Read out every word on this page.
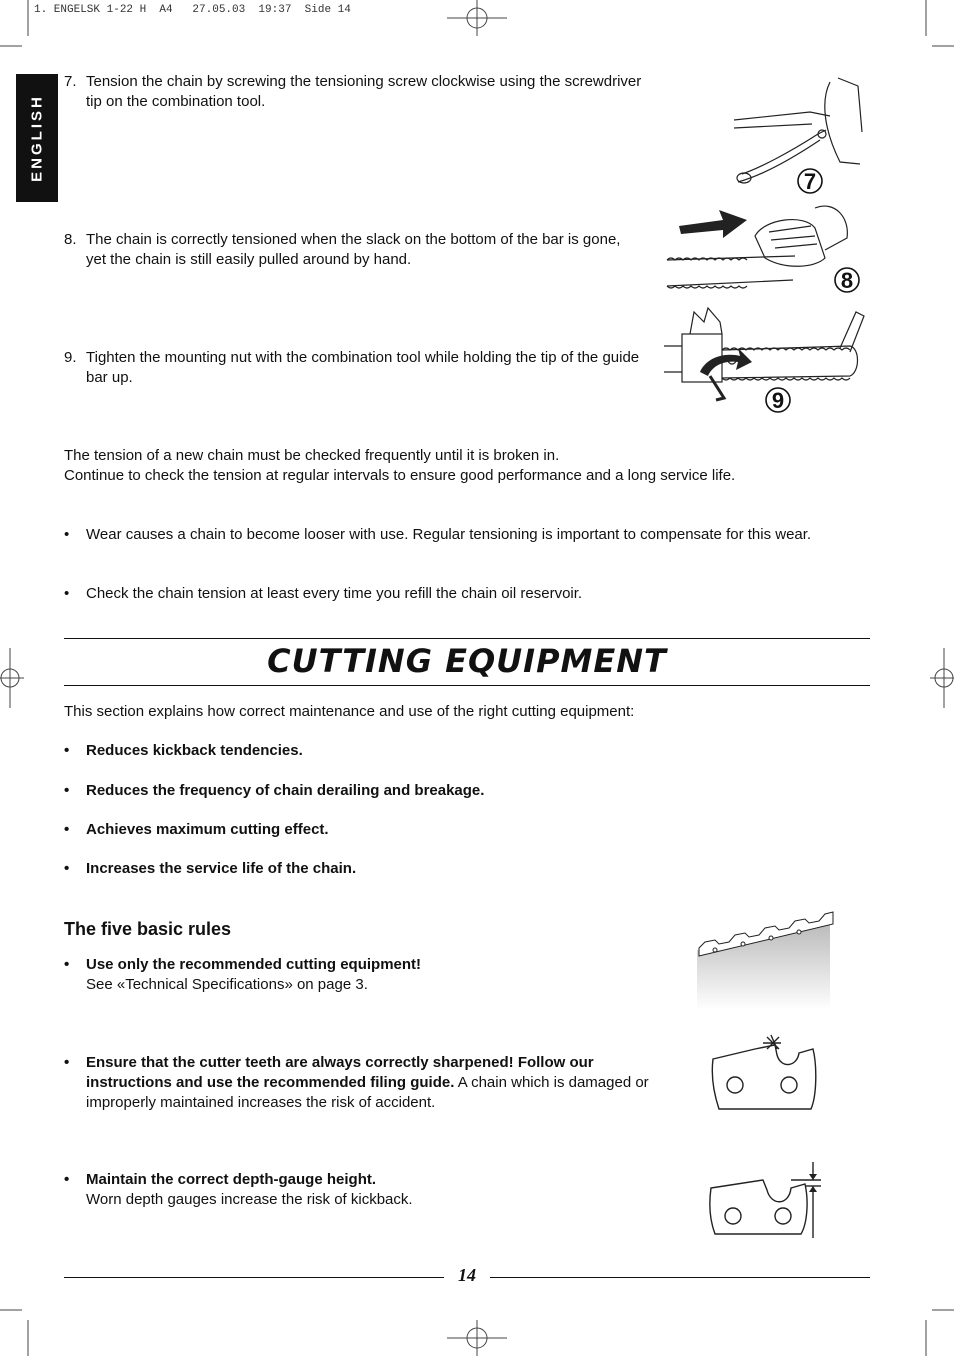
1. ENGELSK 1-22 H  A4   27.05.03  19:37  Side 14
ENGLISH
7. Tension the chain by screwing the tensioning screw clockwise using the screwdriver tip on the combination tool.
8. The chain is correctly tensioned when the slack on the bottom of the bar is gone, yet the chain is still easily pulled around by hand.
9. Tighten the mounting nut with the combination tool while holding the tip of the guide bar up.
7
8
9
The tension of a new chain must be checked frequently until it is broken in.
Continue to check the tension at regular intervals to ensure good performance and a long service life.
• Wear causes a chain to become looser with use. Regular tensioning is important to compensate for this wear.
• Check the chain tension at least every time you refill the chain oil reservoir.
CUTTING EQUIPMENT
This section explains how correct maintenance and use of the right cutting equipment:
• Reduces kickback tendencies.
• Reduces the frequency of chain derailing and breakage.
• Achieves maximum cutting effect.
• Increases the service life of the chain.
The five basic rules
• Use only the recommended cutting equipment!
See «Technical Specifications» on page 3.
• Ensure that the cutter teeth are always correctly sharpened! Follow our instructions and use the recommended filing guide. A chain which is damaged or improperly maintained increases the risk of accident.
• Maintain the correct depth-gauge height.
Worn depth gauges increase the risk of kickback.
14
